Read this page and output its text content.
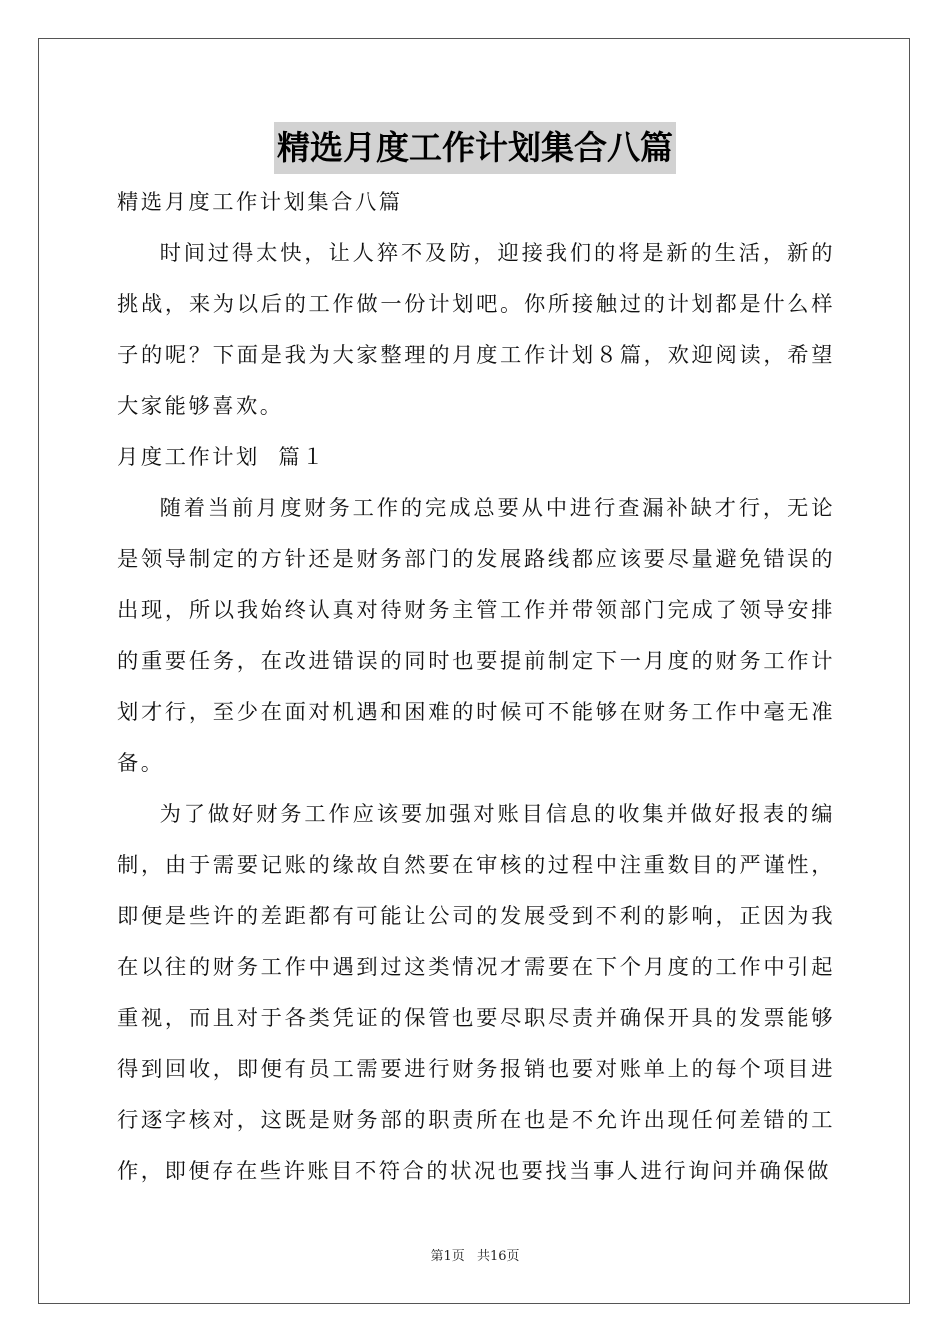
精选月度工作计划集合八篇

精选月度工作计划集合八篇

时间过得太快，让人猝不及防，迎接我们的将是新的生活，新的挑战，来为以后的工作做一份计划吧。你所接触过的计划都是什么样子的呢？下面是我为大家整理的月度工作计划８篇，欢迎阅读，希望大家能够喜欢。

月度工作计划  篇１

随着当前月度财务工作的完成总要从中进行查漏补缺才行，无论是领导制定的方针还是财务部门的发展路线都应该要尽量避免错误的出现，所以我始终认真对待财务主管工作并带领部门完成了领导安排的重要任务，在改进错误的同时也要提前制定下一月度的财务工作计划才行，至少在面对机遇和困难的时候可不能够在财务工作中毫无准备。

为了做好财务工作应该要加强对账目信息的收集并做好报表的编制，由于需要记账的缘故自然要在审核的过程中注重数目的严谨性，即便是些许的差距都有可能让公司的发展受到不利的影响，正因为我在以往的财务工作中遇到过这类情况才需要在下个月度的工作中引起重视，而且对于各类凭证的保管也要尽职尽责并确保开具的发票能够得到回收，即便有员工需要进行财务报销也要对账单上的每个项目进行逐字核对，这既是财务部的职责所在也是不允许出现任何差错的工作，即便存在些许账目不符合的状况也要找当事人进行询问并确保做

第1页 共16页
